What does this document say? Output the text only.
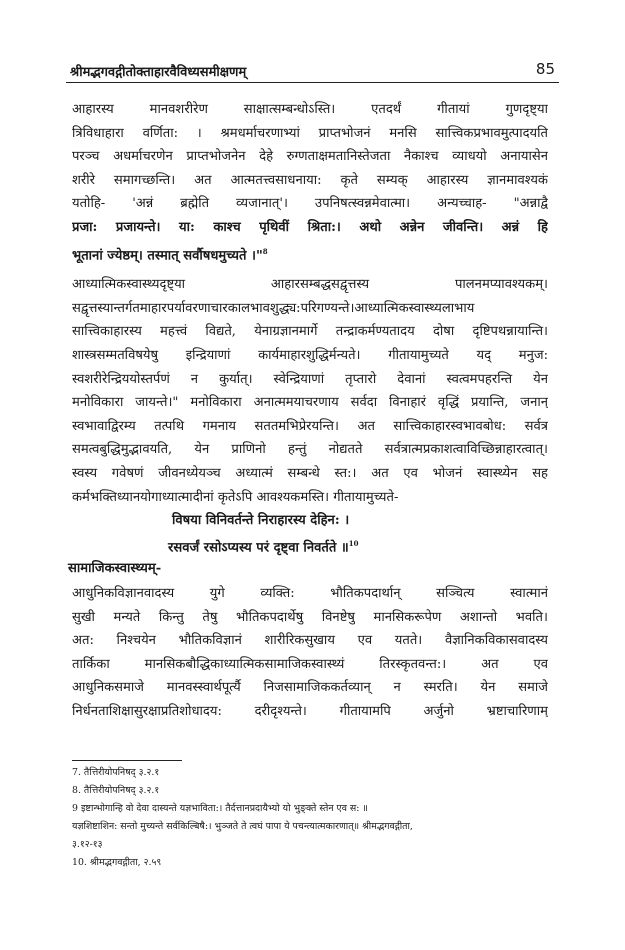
श्रीमद्भगवद्गीतोक्ताहारवैविध्यसमीक्षणम्	85
आहारस्य मानवशरीरेण साक्षात्सम्बन्धोऽस्ति। एतदर्थं गीतायां गुणदृष्ट्या
त्रिविधाहारा वर्णिता: । श्रमधर्माचरणाभ्यां प्राप्तभोजनं मनसि सात्त्विकप्रभावमुत्पादयति
परञ्च अधर्माचरणेन प्राप्तभोजनेन देहे रुग्णताक्षमतानिस्तेजता नैकाश्च व्याधयो अनायासेन
शरीरे समागच्छन्ति। अत आत्मतत्त्वसाधनाया: कृते सम्यक् आहारस्य ज्ञानमावश्यकं
यतोहि- 'अन्नं ब्रह्मेति व्यजानात्'। उपनिषत्स्वन्नमेवात्मा। अन्यच्चाह- "अन्नाद्वै
प्रजा: प्रजायन्ते। या: काश्च पृथिवीं श्रिता:। अथो अन्नेन जीवन्ति। अन्नं हि
भूतानां ज्येष्ठम्। तस्मात् सर्वौषधमुच्यते ।"$^8$
आध्यात्मिकस्वास्थ्यदृष्ट्या आहारसम्बद्धसद्वृत्तस्य पालनमप्यावश्यकम्।
सद्वृत्तस्यान्तर्गतमाहारपर्यावरणाचारकालभावशुद्ध्य:परिगण्यन्ते।आध्यात्मिकस्वास्थ्यलाभाय
सात्त्विकाहारस्य महत्त्वं विद्यते, येनाग्रज्ञानमार्गे तन्द्राकर्मण्यतादय दोषा दृष्टिपथन्नायान्ति।
शास्त्रसम्मतविषयेषु इन्द्रियाणां कार्यमाहारशुद्धिर्मन्यते। गीतायामुच्यते यद् मनुज:
स्वशरीरेन्द्रिययोस्तर्पणं न कुर्यात्। स्वेन्द्रियाणां तृप्तारो देवानां स्वत्वमपहरन्ति येन
मनोविकारा जायन्ते।" मनोविकारा अनात्ममयाचरणाय सर्वदा विनाहारं वृद्धिं प्रयान्ति, जनान्
स्वभावाद्विरम्य तत्पथि गमनाय सततमभिप्रेरयन्ति। अत सात्त्विकाहारस्वभावबोध: सर्वत्र
समत्वबुद्धिमुद्भावयति, येन प्राणिनो हन्तुं नोद्यतते सर्वत्रात्मप्रकाशत्वाविच्छिन्नाहारत्वात्।
स्वस्य गवेषणं जीवनध्येयञ्च अध्यात्मं सम्बन्धे स्त:। अत एव भोजनं स्वास्थ्येन सह
कर्मभक्तिध्यानयोगाध्यात्मादीनां कृतेऽपि आवश्यकमस्ति। गीतायामुच्यते-
विषया विनिवर्तन्ते निराहारस्य देहिन: ।
रसवर्जं रसोऽप्यस्य परं दृष्ट्वा निवर्तते ॥$^{10}$
सामाजिकस्वास्थ्यम्-
आधुनिकविज्ञानवादस्य युगे व्यक्ति: भौतिकपदार्थान् सञ्चित्य स्वात्मानं
सुखी मन्यते किन्तु तेषु भौतिकपदार्थेषु विनष्टेषु मानसिकरूपेण अशान्तो भवति।
अत: निश्चयेन भौतिकविज्ञानं शारीरिकसुखाय एव यतते। वैज्ञानिकविकासवादस्य
तार्किका मानसिकबौद्धिकाध्यात्मिकसामाजिकस्वास्थ्यं तिरस्कृतवन्त:। अत एव
आधुनिकसमाजे मानवस्स्वार्थपूर्त्यै निजसामाजिककर्तव्यान् न स्मरति। येन समाजे
निर्धनताशिक्षासुरक्षाप्रतिशोधादय: दरीदृश्यन्ते। गीतायामपि अर्जुनो भ्रष्टाचारिणाम्
7. तैत्तिरीयोपनिषद् ३.२.१
8. तैत्तिरीयोपनिषद् ३.२.१
9 इष्टान्भोगान्हि वो देवा दास्यन्ते यज्ञभाविता:। तैर्दत्तानप्रदायैभ्यो यो भुङ्क्ते स्तेन एव स: ॥
यज्ञशिष्टाशिन: सन्तो मुच्यन्ते सर्वकिल्बिषै:। भुञ्जते ते त्वघं पापा ये पचन्त्यात्मकारणात्॥ श्रीमद्भगवद्गीता,
३.१२-१३
10. श्रीमद्भगवद्गीता, २.५९
